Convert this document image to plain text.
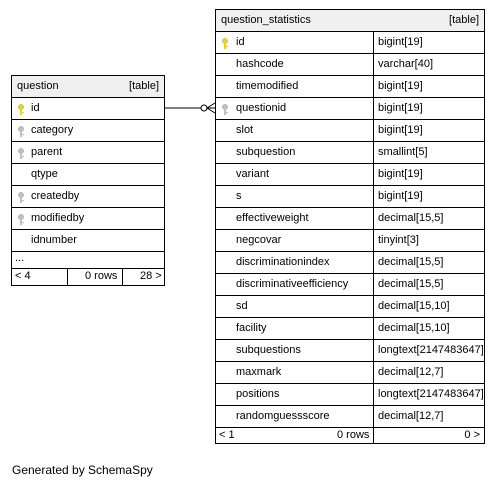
question	[table]
id
category
parent
qtype
createdby
modifiedby
idnumber
...
< 4	0 rows 28 >
question_statistics	[table]
id	bigint[19]
hashcode	varchar[40]
timemodified	bigint[19]
questionid	bigint[19]
slot	bigint[19]
subquestion	smallint[5]
variant	bigint[19]
s	bigint[19]
effectiveweight	decimal[15,5]
negcovar	tinyint[3]
discriminationindex	decimal[15,5]
discriminativeefficiency	decimal[15,5]
sd	decimal[15,10]
facility	decimal[15,10]
subquestions	longtext[2147483647]
maxmark	decimal[12,7]
positions	longtext[2147483647]
randomguessscore	decimal[12,7]
< 1	0 rows	0 >
Generated by SchemaSpy
